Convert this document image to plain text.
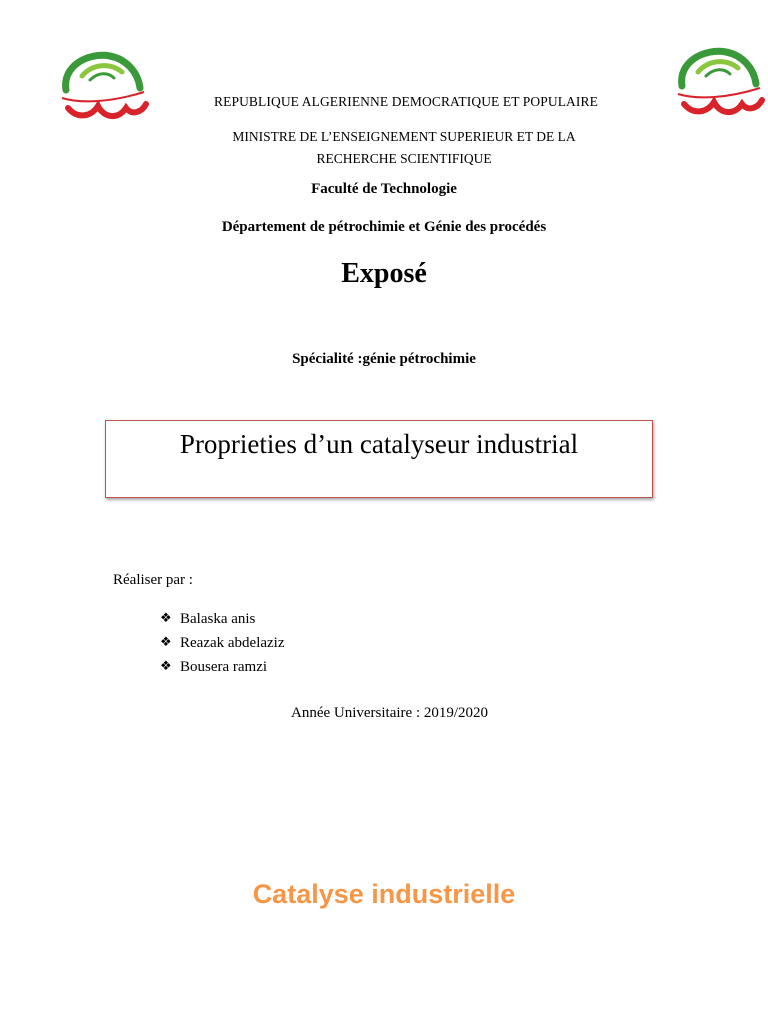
REPUBLIQUE ALGERIENNE DEMOCRATIQUE ET POPULAIRE
MINISTRE DE L’ENSEIGNEMENT SUPERIEUR ET DE LA
RECHERCHE SCIENTIFIQUE
Faculté de Technologie
Département de pétrochimie et Génie des procédés
Exposé
Spécialité :génie pétrochimie
Proprieties d’un catalyseur industrial
Réaliser par :
❖ Balaska anis
❖ Reazak abdelaziz
❖ Bousera ramzi
Année Universitaire : 2019/2020
Catalyse industrielle
